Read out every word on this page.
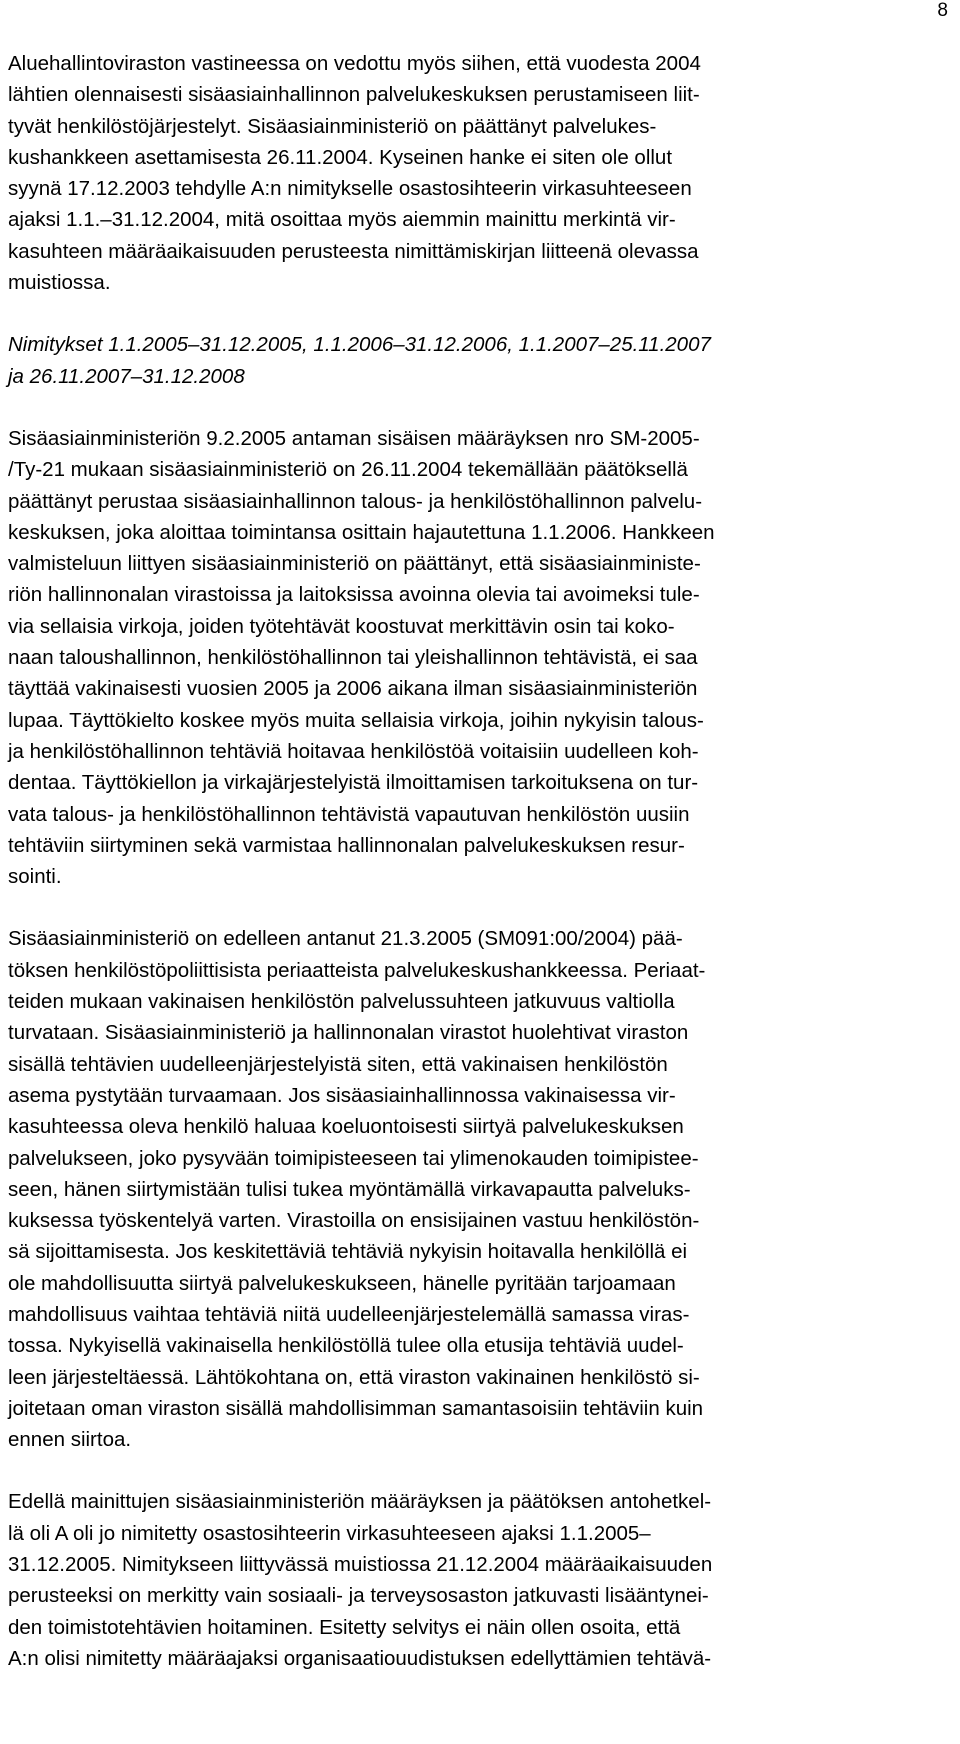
8

Aluehallintoviraston vastineessa on vedottu myös siihen, että vuodesta 2004
lähtien olennaisesti sisäasiainhallinnon palvelukeskuksen perustamiseen liit-
tyvät henkilöstöjärjestelyt. Sisäasiainministeriö on päättänyt palvelukes-
kushankkeen asettamisesta 26.11.2004. Kyseinen hanke ei siten ole ollut
syynä 17.12.2003 tehdylle A:n nimitykselle osastosihteerin virkasuhteeseen
ajaksi 1.1.–31.12.2004, mitä osoittaa myös aiemmin mainittu merkintä vir-
kasuhteen määräaikaisuuden perusteesta nimittämiskirjan liitteenä olevassa
muistiossa.

Nimitykset 1.1.2005–31.12.2005, 1.1.2006–31.12.2006, 1.1.2007–25.11.2007
ja 26.11.2007–31.12.2008

Sisäasiainministeriön 9.2.2005 antaman sisäisen määräyksen nro SM-2005-
/Ty-21 mukaan sisäasiainministeriö on 26.11.2004 tekemällään päätöksellä
päättänyt perustaa sisäasiainhallinnon talous- ja henkilöstöhallinnon palvelu-
keskuksen, joka aloittaa toimintansa osittain hajautettuna 1.1.2006. Hankkeen
valmisteluun liittyen sisäasiainministeriö on päättänyt, että sisäasiainministe-
riön hallinnonalan virastoissa ja laitoksissa avoinna olevia tai avoimeksi tule-
via sellaisia virkoja, joiden työtehtävät koostuvat merkittävin osin tai koko-
naan taloushallinnon, henkilöstöhallinnon tai yleishallinnon tehtävistä, ei saa
täyttää vakinaisesti vuosien 2005 ja 2006 aikana ilman sisäasiainministeriön
lupaa. Täyttökielto koskee myös muita sellaisia virkoja, joihin nykyisin talous-
ja henkilöstöhallinnon tehtäviä hoitavaa henkilöstöä voitaisiin uudelleen koh-
dentaa. Täyttökiellon ja virkajärjestelyistä ilmoittamisen tarkoituksena on tur-
vata talous- ja henkilöstöhallinnon tehtävistä vapautuvan henkilöstön uusiin
tehtäviin siirtyminen sekä varmistaa hallinnonalan palvelukeskuksen resur-
sointi.

Sisäasiainministeriö on edelleen antanut 21.3.2005 (SM091:00/2004) pää-
töksen henkilöstöpoliittisista periaatteista palvelukeskushankkeessa. Periaat-
teiden mukaan vakinaisen henkilöstön palvelussuhteen jatkuvuus valtiolla
turvataan. Sisäasiainministeriö ja hallinnonalan virastot huolehtivat viraston
sisällä tehtävien uudelleenjärjestelyistä siten, että vakinaisen henkilöstön
asema pystytään turvaamaan. Jos sisäasiainhallinnossa vakinaisessa vir-
kasuhteessa oleva henkilö haluaa koeluontoisesti siirtyä palvelukeskuksen
palvelukseen, joko pysyvään toimipisteeseen tai ylimenokauden toimipistee-
seen, hänen siirtymistään tulisi tukea myöntämällä virkavapautta palveluks-
kuksessa työskentelyä varten. Virastoilla on ensisijainen vastuu henkilöstön-
sä sijoittamisesta. Jos keskitettäviä tehtäviä nykyisin hoitavalla henkilöllä ei
ole mahdollisuutta siirtyä palvelukeskukseen, hänelle pyritään tarjoamaan
mahdollisuus vaihtaa tehtäviä niitä uudelleenjärjestelemällä samassa viras-
tossa. Nykyisellä vakinaisella henkilöstöllä tulee olla etusija tehtäviä uudel-
leen järjesteltäessä. Lähtökohtana on, että viraston vakinainen henkilöstö si-
joitetaan oman viraston sisällä mahdollisimman samantasoisiin tehtäviin kuin
ennen siirtoa.

Edellä mainittujen sisäasiainministeriön määräyksen ja päätöksen antohetkel-
lä oli A oli jo nimitetty osastosihteerin virkasuhteeseen ajaksi 1.1.2005–
31.12.2005. Nimitykseen liittyvässä muistiossa 21.12.2004 määräaikaisuuden
perusteeksi on merkitty vain sosiaali- ja terveysosaston jatkuvasti lisääntynei-
den toimistotehtävien hoitaminen. Esitetty selvitys ei näin ollen osoita, että
A:n olisi nimitetty määräajaksi organisaatiouudistuksen edellyttämien tehtävä-
